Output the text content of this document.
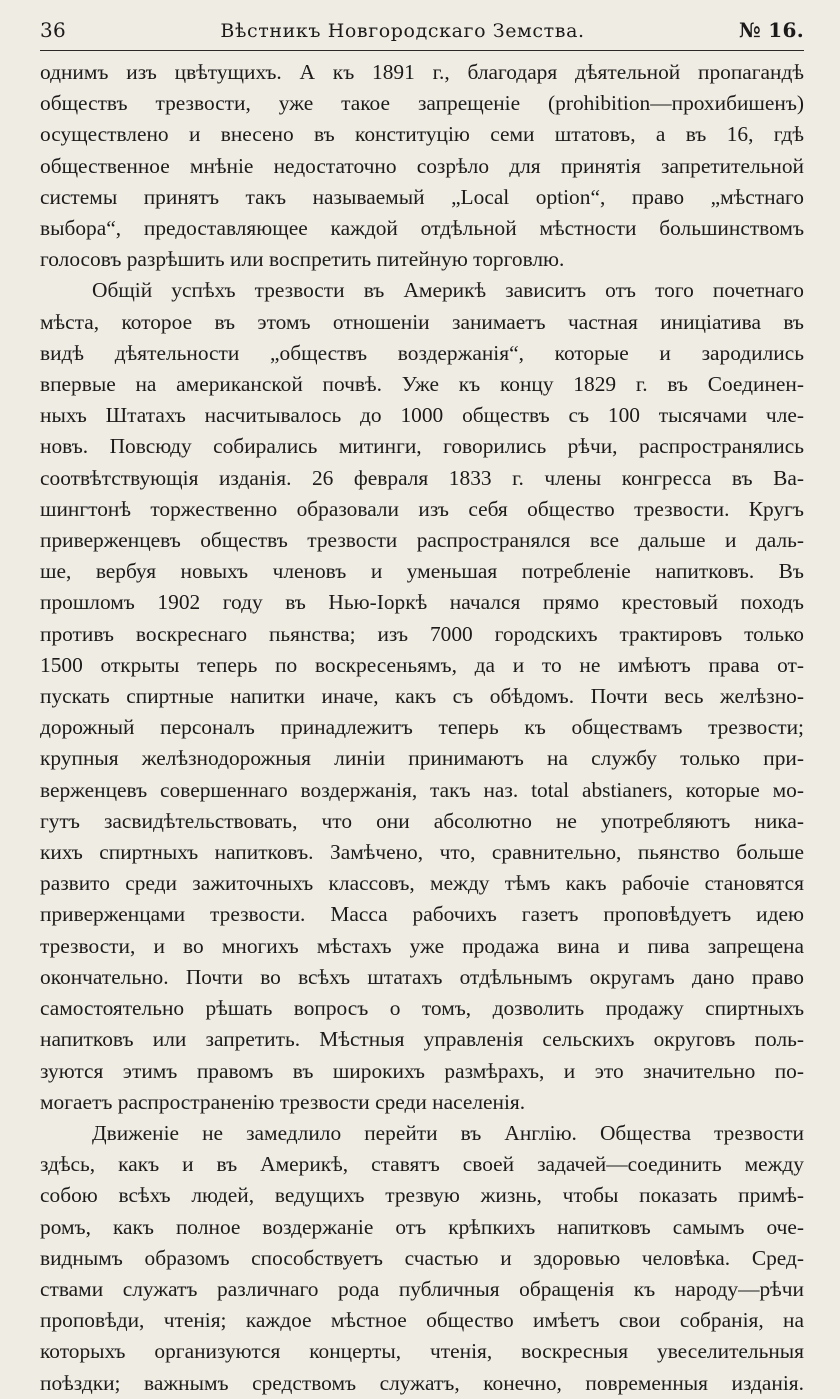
36	Вѣстникъ Новгородскаго Земства.	№ 16.
однимъ изъ цвѣтущихъ. А къ 1891 г., благодаря дѣятельной пропагандѣ
обществъ трезвости, уже такое запрещеніе (prohibition—прохибишенъ)
осуществлено и внесено въ конституцію семи штатовъ, а въ 16, гдѣ
общественное мнѣніе недостаточно созрѣло для принятія запретительной
системы принятъ такъ называемый „Local option“, право „мѣстнаго
выбора“, предоставляющее каждой отдѣльной мѣстности большинствомъ
голосовъ разрѣшить или воспретить питейную торговлю.
Общій успѣхъ трезвости въ Америкѣ зависитъ отъ того почетнаго
мѣста, которое въ этомъ отношеніи занимаетъ частная иниціатива въ
видѣ дѣятельности „обществъ воздержанія“, которые и зародились
впервые на американской почвѣ. Уже къ концу 1829 г. въ Соединен-
ныхъ Штатахъ насчитывалось до 1000 обществъ съ 100 тысячами чле-
новъ. Повсюду собирались митинги, говорились рѣчи, распространялись
соотвѣтствующія изданія. 26 февраля 1833 г. члены конгресса въ Ва-
шингтонѣ торжественно образовали изъ себя общество трезвости. Кругъ
приверженцевъ обществъ трезвости распространялся все дальше и даль-
ше, вербуя новыхъ членовъ и уменьшая потребленіе напитковъ. Въ
прошломъ 1902 году въ Нью-Іоркѣ начался прямо крестовый походъ
противъ воскреснаго пьянства; изъ 7000 городскихъ трактировъ только
1500 открыты теперь по воскресеньямъ, да и то не имѣютъ права от-
пускать спиртные напитки иначе, какъ съ обѣдомъ. Почти весь желѣзно-
дорожный персоналъ принадлежитъ теперь къ обществамъ трезвости;
крупныя желѣзнодорожныя линіи принимаютъ на службу только при-
верженцевъ совершеннаго воздержанія, такъ наз. total abstianers, которые мо-
гутъ засвидѣтельствовать, что они абсолютно не употребляютъ ника-
кихъ спиртныхъ напитковъ. Замѣчено, что, сравнительно, пьянство больше
развито среди зажиточныхъ классовъ, между тѣмъ какъ рабочіе становятся
приверженцами трезвости. Масса рабочихъ газетъ проповѣдуетъ идею
трезвости, и во многихъ мѣстахъ уже продажа вина и пива запрещена
окончательно. Почти во всѣхъ штатахъ отдѣльнымъ округамъ дано право
самостоятельно рѣшать вопросъ о томъ, дозволить продажу спиртныхъ
напитковъ или запретить. Мѣстныя управленія сельскихъ округовъ поль-
зуются этимъ правомъ въ широкихъ размѣрахъ, и это значительно по-
могаетъ распространенію трезвости среди населенія.
Движеніе не замедлило перейти въ Англію. Общества трезвости
здѣсь, какъ и въ Америкѣ, ставятъ своей задачей—соединить между
собою всѣхъ людей, ведущихъ трезвую жизнь, чтобы показать примѣ-
ромъ, какъ полное воздержаніе отъ крѣпкихъ напитковъ самымъ оче-
виднымъ образомъ способствуетъ счастью и здоровью человѣка. Сред-
ствами служатъ различнаго рода публичныя обращенія къ народу—рѣчи
проповѣди, чтенія; каждое мѣстное общество имѣетъ свои собранія, на
которыхъ организуются концерты, чтенія, воскресныя увеселительныя
поѣздки; важнымъ средствомъ служатъ, конечно, повременныя изданія.
